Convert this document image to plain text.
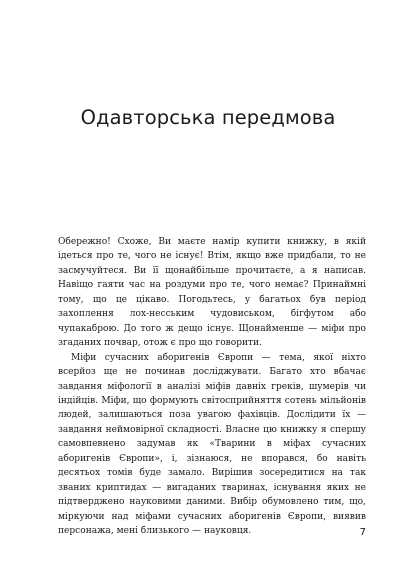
Одавторська передмова

Обережно! Схоже, Ви маєте намір купити книжку, в якій ідеться про те, чого не існує! Втім, якщо вже придбали, то не засмучуйтеся. Ви її щонайбільше прочитаєте, а я написав. Навіщо гаяти час на роздуми про те, чого немає? Принаймні тому, що це цікаво. Погодьтесь, у багатьох був період захоплення лох-несським чудовиськом, бігфутом або чупакаброю. До того ж дещо існує. Щонайменше — міфи про згаданих почвар, отож є про що говорити.

Міфи сучасних аборигенів Європи — тема, якої ніхто всерйоз ще не починав досліджувати. Багато хто вбачає завдання міфології в аналізі міфів давніх греків, шумерів чи індійців. Міфи, що формують світосприйняття сотень мільйонів людей, залишаються поза увагою фахівців. Дослідити їх — завдання неймовірної складності. Власне цю книжку я спершу самовпевнено задумав як «Тварини в міфах сучасних аборигенів Європи», і, зізнаюся, не впорався, бо навіть десятьох томів буде замало. Вирішив зосередитися на так званих криптидах — вигаданих тваринах, існування яких не підтверджено науковими даними. Вибір обумовлено тим, що, міркуючи над міфами сучасних аборигенів Європи, виявив персонажа, мені близького — науковця.	7
